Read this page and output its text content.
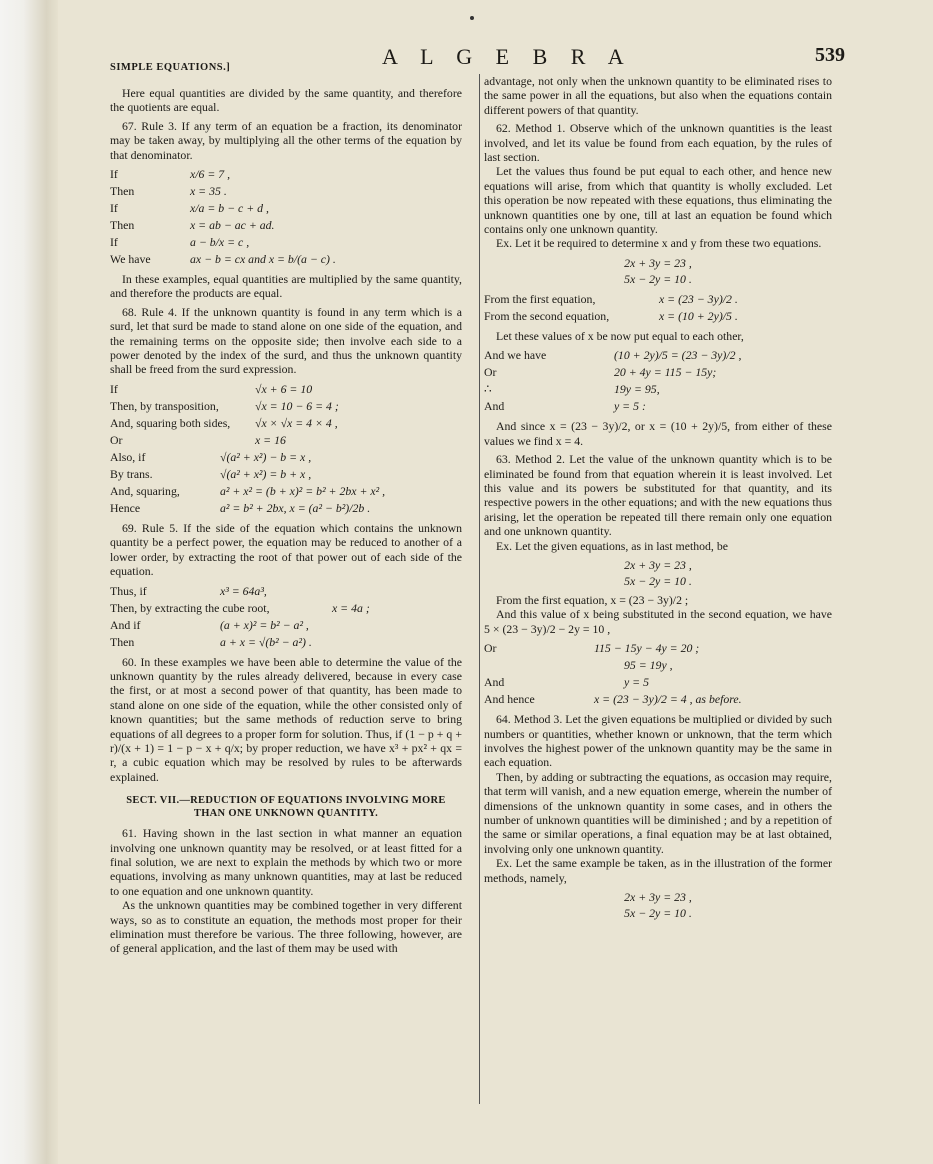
SIMPLE EQUATIONS.]	A L G E B R A	539

Here equal quantities are divided by the same quantity, and therefore the quotients are equal.

67. Rule 3. If any term of an equation be a fraction, its denominator may be taken away, by multiplying all the other terms of the equation by that denominator.

If	x/6 = 7 ,
Then	x = 35 .
If	x/a = b − c + d ,
Then	x = ab − ac + ad.
If	a − b/x = c ,
We have	ax − b = cx and x = b/(a − c) .

In these examples, equal quantities are multiplied by the same quantity, and therefore the products are equal.

68. Rule 4. If the unknown quantity is found in any term which is a surd, let that surd be made to stand alone on one side of the equation, and the remaining terms on the opposite side; then involve each side to a power denoted by the index of the surd, and thus the unknown quantity shall be freed from the surd expression.

If	√x + 6 = 10
Then, by transposition,	√x = 10 − 6 = 4 ;
And, squaring both sides,	√x × √x = 4 × 4 ,
Or	x = 16
Also, if	√(a² + x²) − b = x ,
By trans.	√(a² + x²) = b + x ,
And, squaring,	a² + x² = (b + x)² = b² + 2bx + x² ,
Hence	a² = b² + 2bx, x = (a² − b²)/2b .

69. Rule 5. If the side of the equation which contains the unknown quantity be a perfect power, the equation may be reduced to another of a lower order, by extracting the root of that power out of each side of the equation.

Thus, if	x³ = 64a³,
Then, by extracting the cube root,	x = 4a ;
And if	(a + x)² = b² − a² ,
Then	a + x = √(b² − a²) .

60. In these examples we have been able to determine the value of the unknown quantity by the rules already delivered, because in every case the first, or at most a second power of that quantity, has been made to stand alone on one side of the equation, while the other consisted only of known quantities; but the same methods of reduction serve to bring equations of all degrees to a proper form for solution. Thus, if (1 − p + q + r)/(x + 1) = 1 − p − x + q/x; by proper reduction, we have x³ + px² + qx = r, a cubic equation which may be resolved by rules to be afterwards explained.

SECT. VII.—REDUCTION OF EQUATIONS INVOLVING MORE THAN ONE UNKNOWN QUANTITY.

61. Having shown in the last section in what manner an equation involving one unknown quantity may be resolved, or at least fitted for a final solution, we are next to explain the methods by which two or more equations, involving as many unknown quantities, may at last be reduced to one equation and one unknown quantity.

As the unknown quantities may be combined together in very different ways, so as to constitute an equation, the methods most proper for their elimination must therefore be various. The three following, however, are of general application, and the last of them may be used with

advantage, not only when the unknown quantity to be eliminated rises to the same power in all the equations, but also when the equations contain different powers of that quantity.

62. Method 1. Observe which of the unknown quantities is the least involved, and let its value be found from each equation, by the rules of last section.

Let the values thus found be put equal to each other, and hence new equations will arise, from which that quantity is wholly excluded. Let this operation be now repeated with these equations, thus eliminating the unknown quantities one by one, till at last an equation be found which contains only one unknown quantity.

Ex. Let it be required to determine x and y from these two equations.

2x + 3y = 23 ,
5x − 2y = 10 .
From the first equation,	x = (23 − 3y)/2 .
From the second equation,	x = (10 + 2y)/5 .

Let these values of x be now put equal to each other,

And we have	(10 + 2y)/5 = (23 − 3y)/2 ,
Or	20 + 4y = 115 − 15y;
∴	19y = 95,
And	y = 5 :

And since x = (23 − 3y)/2, or x = (10 + 2y)/5, from either of these values we find x = 4.

63. Method 2. Let the value of the unknown quantity which is to be eliminated be found from that equation wherein it is least involved. Let this value and its powers be substituted for that quantity, and its respective powers in the other equations; and with the new equations thus arising, let the operation be repeated till there remain only one equation and one unknown quantity.

Ex. Let the given equations, as in last method, be

2x + 3y = 23 ,
5x − 2y = 10 .

From the first equation, x = (23 − 3y)/2 ;

And this value of x being substituted in the second equation, we have 5 × (23 − 3y)/2 − 2y = 10 ,

Or	115 − 15y − 4y = 20 ;
95 = 19y ,
And	y = 5
And hence	x = (23 − 3y)/2 = 4 , as before.

64. Method 3. Let the given equations be multiplied or divided by such numbers or quantities, whether known or unknown, that the term which involves the highest power of the unknown quantity may be the same in each equation.

Then, by adding or subtracting the equations, as occasion may require, that term will vanish, and a new equation emerge, wherein the number of dimensions of the unknown quantity in some cases, and in others the number of unknown quantities will be diminished ; and by a repetition of the same or similar operations, a final equation may be at last obtained, involving only one unknown quantity.

Ex. Let the same example be taken, as in the illustration of the former methods, namely,

2x + 3y = 23 ,
5x − 2y = 10 .
